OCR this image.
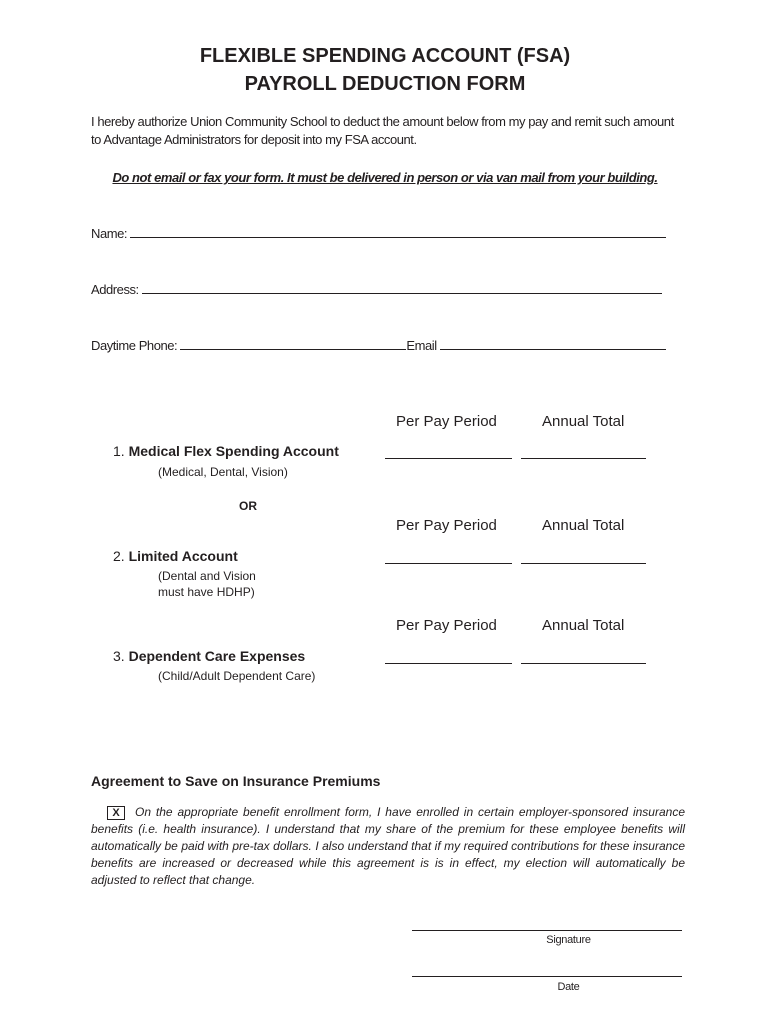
FLEXIBLE SPENDING ACCOUNT (FSA)
PAYROLL DEDUCTION FORM
I hereby authorize Union Community School to deduct the amount below from my pay and remit such amount
to Advantage Administrators for deposit into my FSA account.
Do not email or fax your form. It must be delivered in person or via van mail from your building.
Name:
Address:
Daytime Phone:	Email
Per Pay Period	Annual Total
1. Medical Flex Spending Account
(Medical, Dental, Vision)
OR
Per Pay Period	Annual Total
2. Limited Account
(Dental and Vision
must have HDHP)
Per Pay Period	Annual Total
3. Dependent Care Expenses
(Child/Adult Dependent Care)
Agreement to Save on Insurance Premiums
X On the appropriate benefit enrollment form, I have enrolled in certain employer-sponsored insurance benefits (i.e. health insurance). I understand that my share of the premium for these employee benefits will automatically be paid with pre-tax dollars. I also understand that if my required contributions for these insurance benefits are increased or decreased while this agreement is is in effect, my election will automatically be adjusted to reflect that change.
Signature
Date
